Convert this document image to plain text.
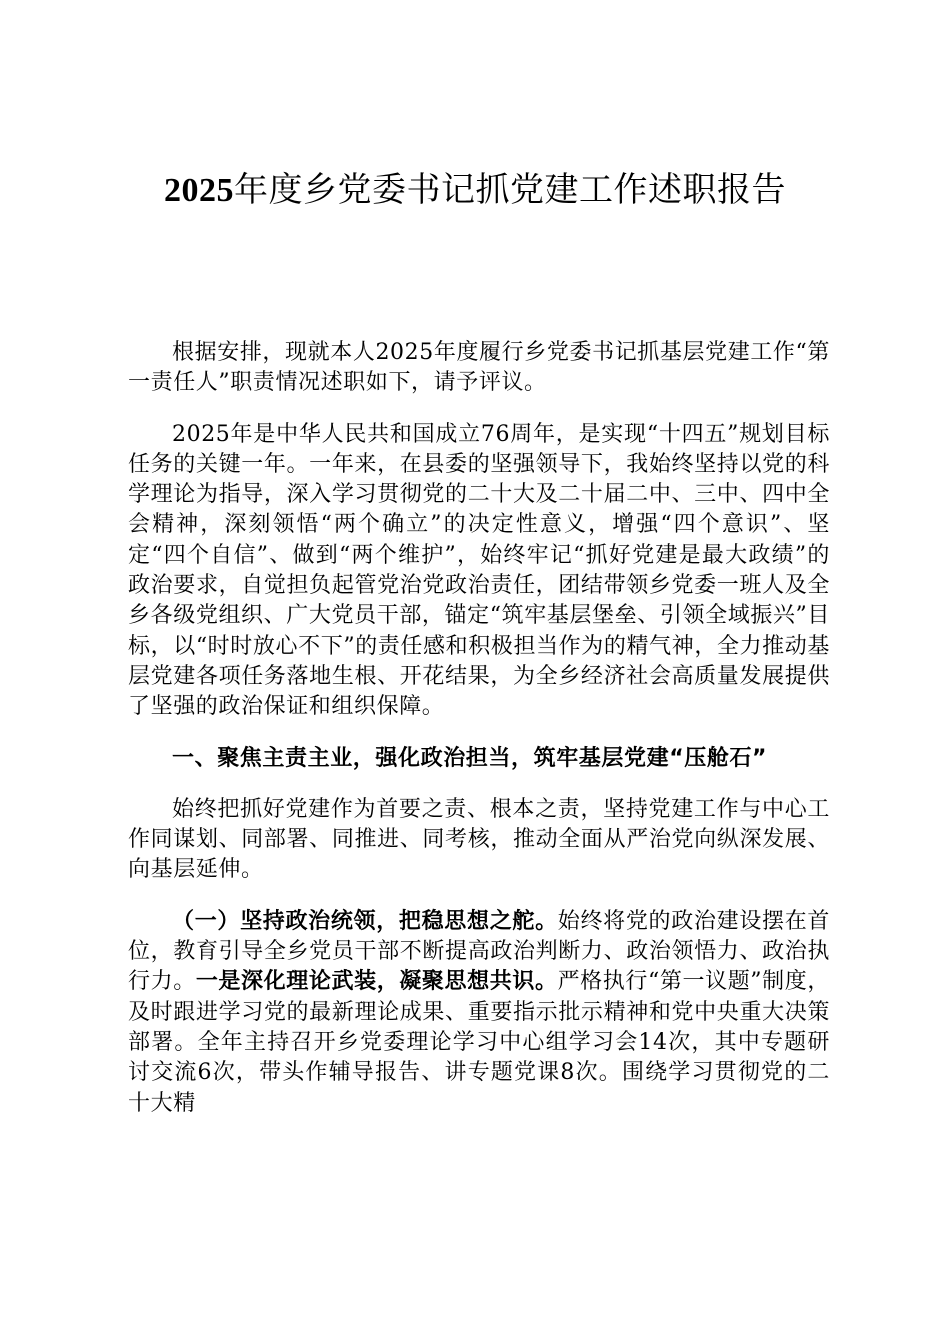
2025年度乡党委书记抓党建工作述职报告

根据安排，现就本人2025年度履行乡党委书记抓基层党建工作“第一责任人”职责情况述职如下，请予评议。

2025年是中华人民共和国成立76周年，是实现“十四五”规划目标任务的关键一年。一年来，在县委的坚强领导下，我始终坚持以党的科学理论为指导，深入学习贯彻党的二十大及二十届二中、三中、四中全会精神，深刻领悟“两个确立”的决定性意义，增强“四个意识”、坚定“四个自信”、做到“两个维护”，始终牢记“抓好党建是最大政绩”的政治要求，自觉担负起管党治党政治责任，团结带领乡党委一班人及全乡各级党组织、广大党员干部，锚定“筑牢基层堡垒、引领全域振兴”目标，以“时时放心不下”的责任感和积极担当作为的精气神，全力推动基层党建各项任务落地生根、开花结果，为全乡经济社会高质量发展提供了坚强的政治保证和组织保障。

一、聚焦主责主业，强化政治担当，筑牢基层党建“压舱石”

始终把抓好党建作为首要之责、根本之责，坚持党建工作与中心工作同谋划、同部署、同推进、同考核，推动全面从严治党向纵深发展、向基层延伸。

（一）坚持政治统领，把稳思想之舵。始终将党的政治建设摆在首位，教育引导全乡党员干部不断提高政治判断力、政治领悟力、政治执行力。一是深化理论武装，凝聚思想共识。严格执行“第一议题”制度，及时跟进学习党的最新理论成果、重要指示批示精神和党中央重大决策部署。全年主持召开乡党委理论学习中心组学习会14次，其中专题研讨交流6次，带头作辅导报告、讲专题党课8次。围绕学习贯彻党的二十大精
